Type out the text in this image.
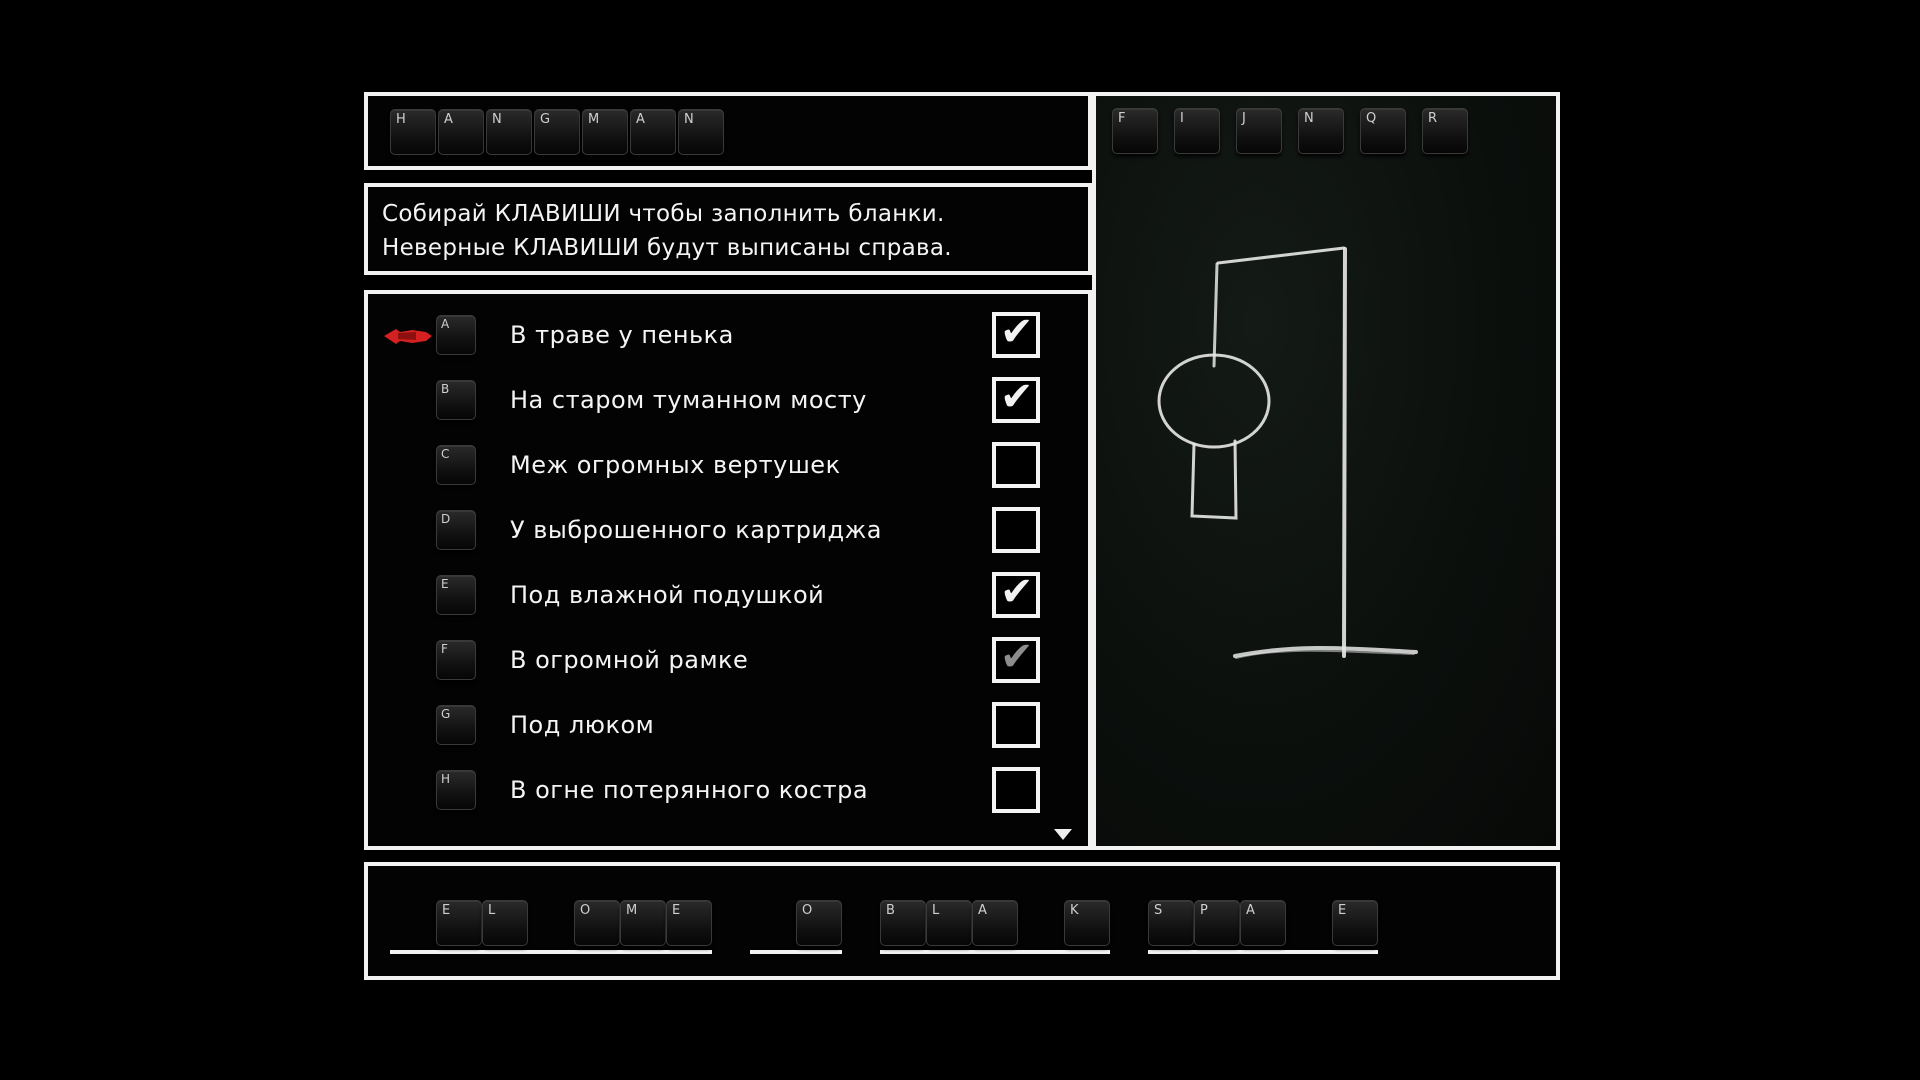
H	A	N	G	M	A	N
Собирай КЛАВИШИ чтобы заполнить бланки.
Неверные КЛАВИШИ будут выписаны справа.
A В траве у пенька	✔
B На старом туманном мосту	✔
C Меж огромных вертушек
D У выброшенного картриджа
E	Под влажной подушкой	✔
F	В огромной рамке	✔
G Под люком
H В огне потерянного костра
F	I	J	N	Q	R
E	L	O	M	E	O	B	L	A	K	S	P	A	E
